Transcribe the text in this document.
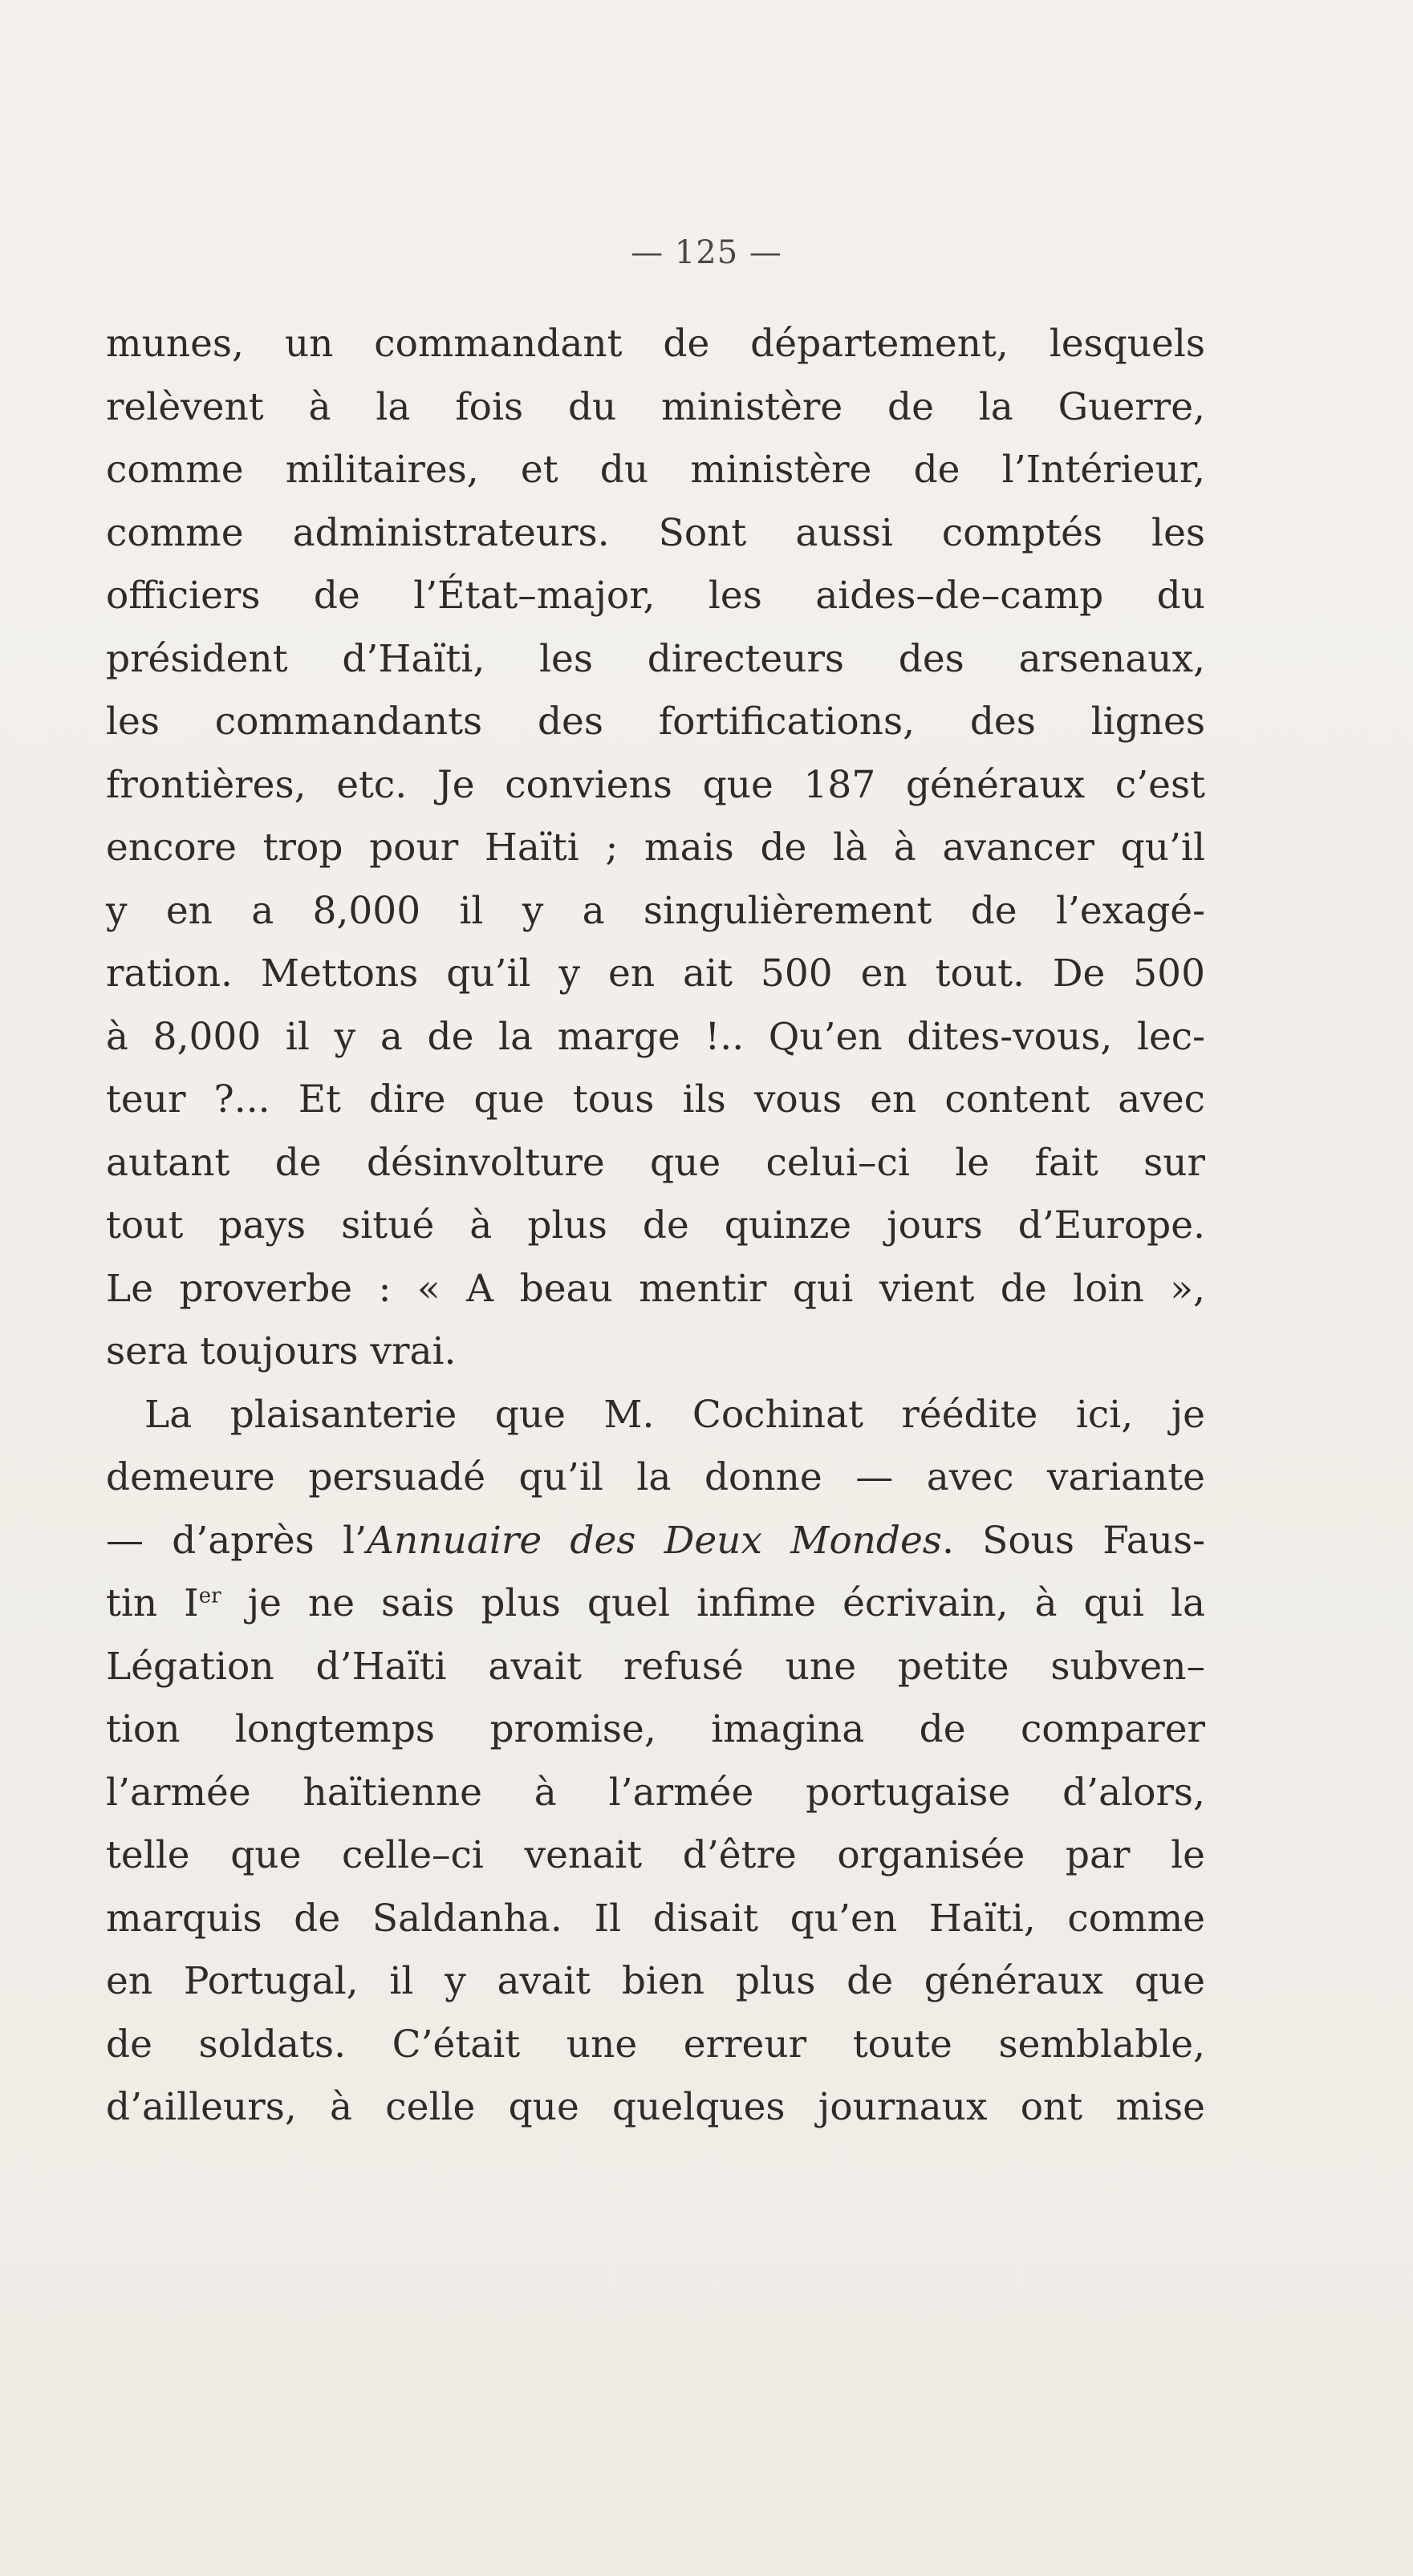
— 125 —
munes, un commandant de département, lesquels
relèvent à la fois du ministère de la Guerre,
comme militaires, et du ministère de l’Intérieur,
comme administrateurs. Sont aussi comptés les
officiers de l’État–major, les aides–de–camp du
président d’Haïti, les directeurs des arsenaux,
les commandants des fortifications, des lignes
frontières, etc. Je conviens que 187 généraux c’est
encore trop pour Haïti ; mais de là à avancer qu’il
y en a 8,000 il y a singulièrement de l’exagé-
ration. Mettons qu’il y en ait 500 en tout. De 500
à 8,000 il y a de la marge !.. Qu’en dites-vous, lec-
teur ?... Et dire que tous ils vous en content avec
autant de désinvolture que celui–ci le fait sur
tout pays situé à plus de quinze jours d’Europe.
Le proverbe : « A beau mentir qui vient de loin »,
sera toujours vrai.
La plaisanterie que M. Cochinat réédite ici, je
demeure persuadé qu’il la donne — avec variante
— d’après l’Annuaire des Deux Mondes. Sous Faus-
tin Ier je ne sais plus quel infime écrivain, à qui la
Légation d’Haïti avait refusé une petite subven–
tion longtemps promise, imagina de comparer
l’armée haïtienne à l’armée portugaise d’alors,
telle que celle–ci venait d’être organisée par le
marquis de Saldanha. Il disait qu’en Haïti, comme
en Portugal, il y avait bien plus de généraux que
de soldats. C’était une erreur toute semblable,
d’ailleurs, à celle que quelques journaux ont mise
